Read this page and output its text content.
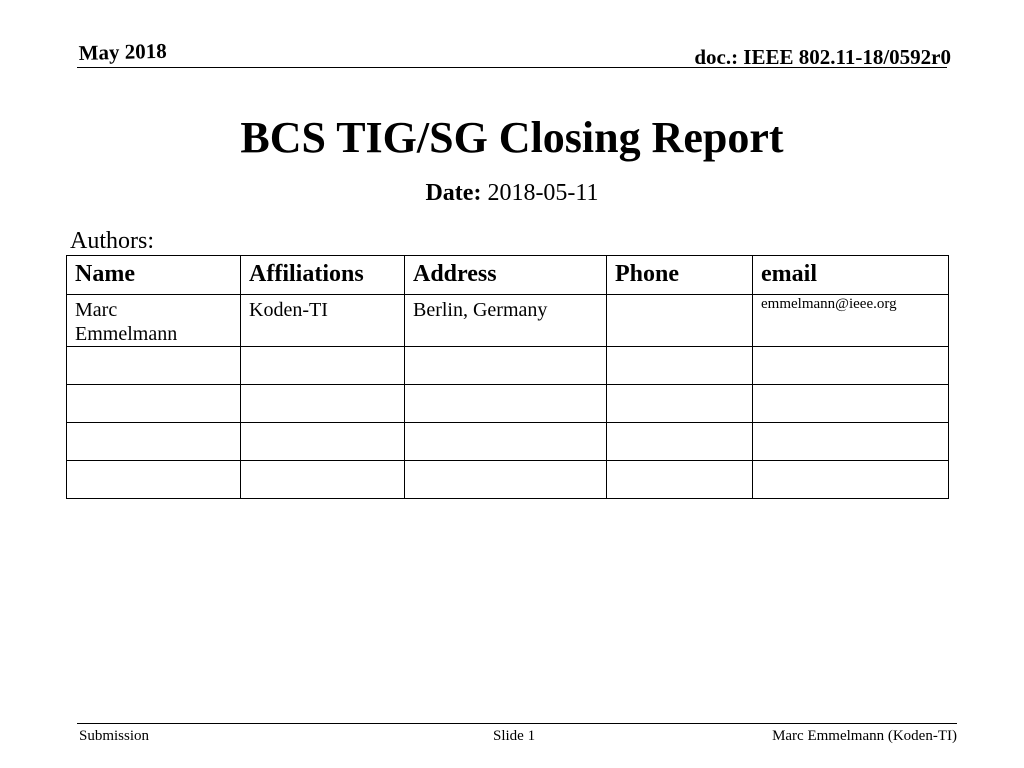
May 2018	doc.: IEEE 802.11-18/0592r0
BCS TIG/SG Closing Report
Date: 2018-05-11
Authors:
Name	Affiliations	Address	Phone	email
Marc
Emmelmann	Koden-TI	Berlin, Germany		emmelmann@ieee.org

Submission	Slide 1	Marc Emmelmann (Koden-TI)
